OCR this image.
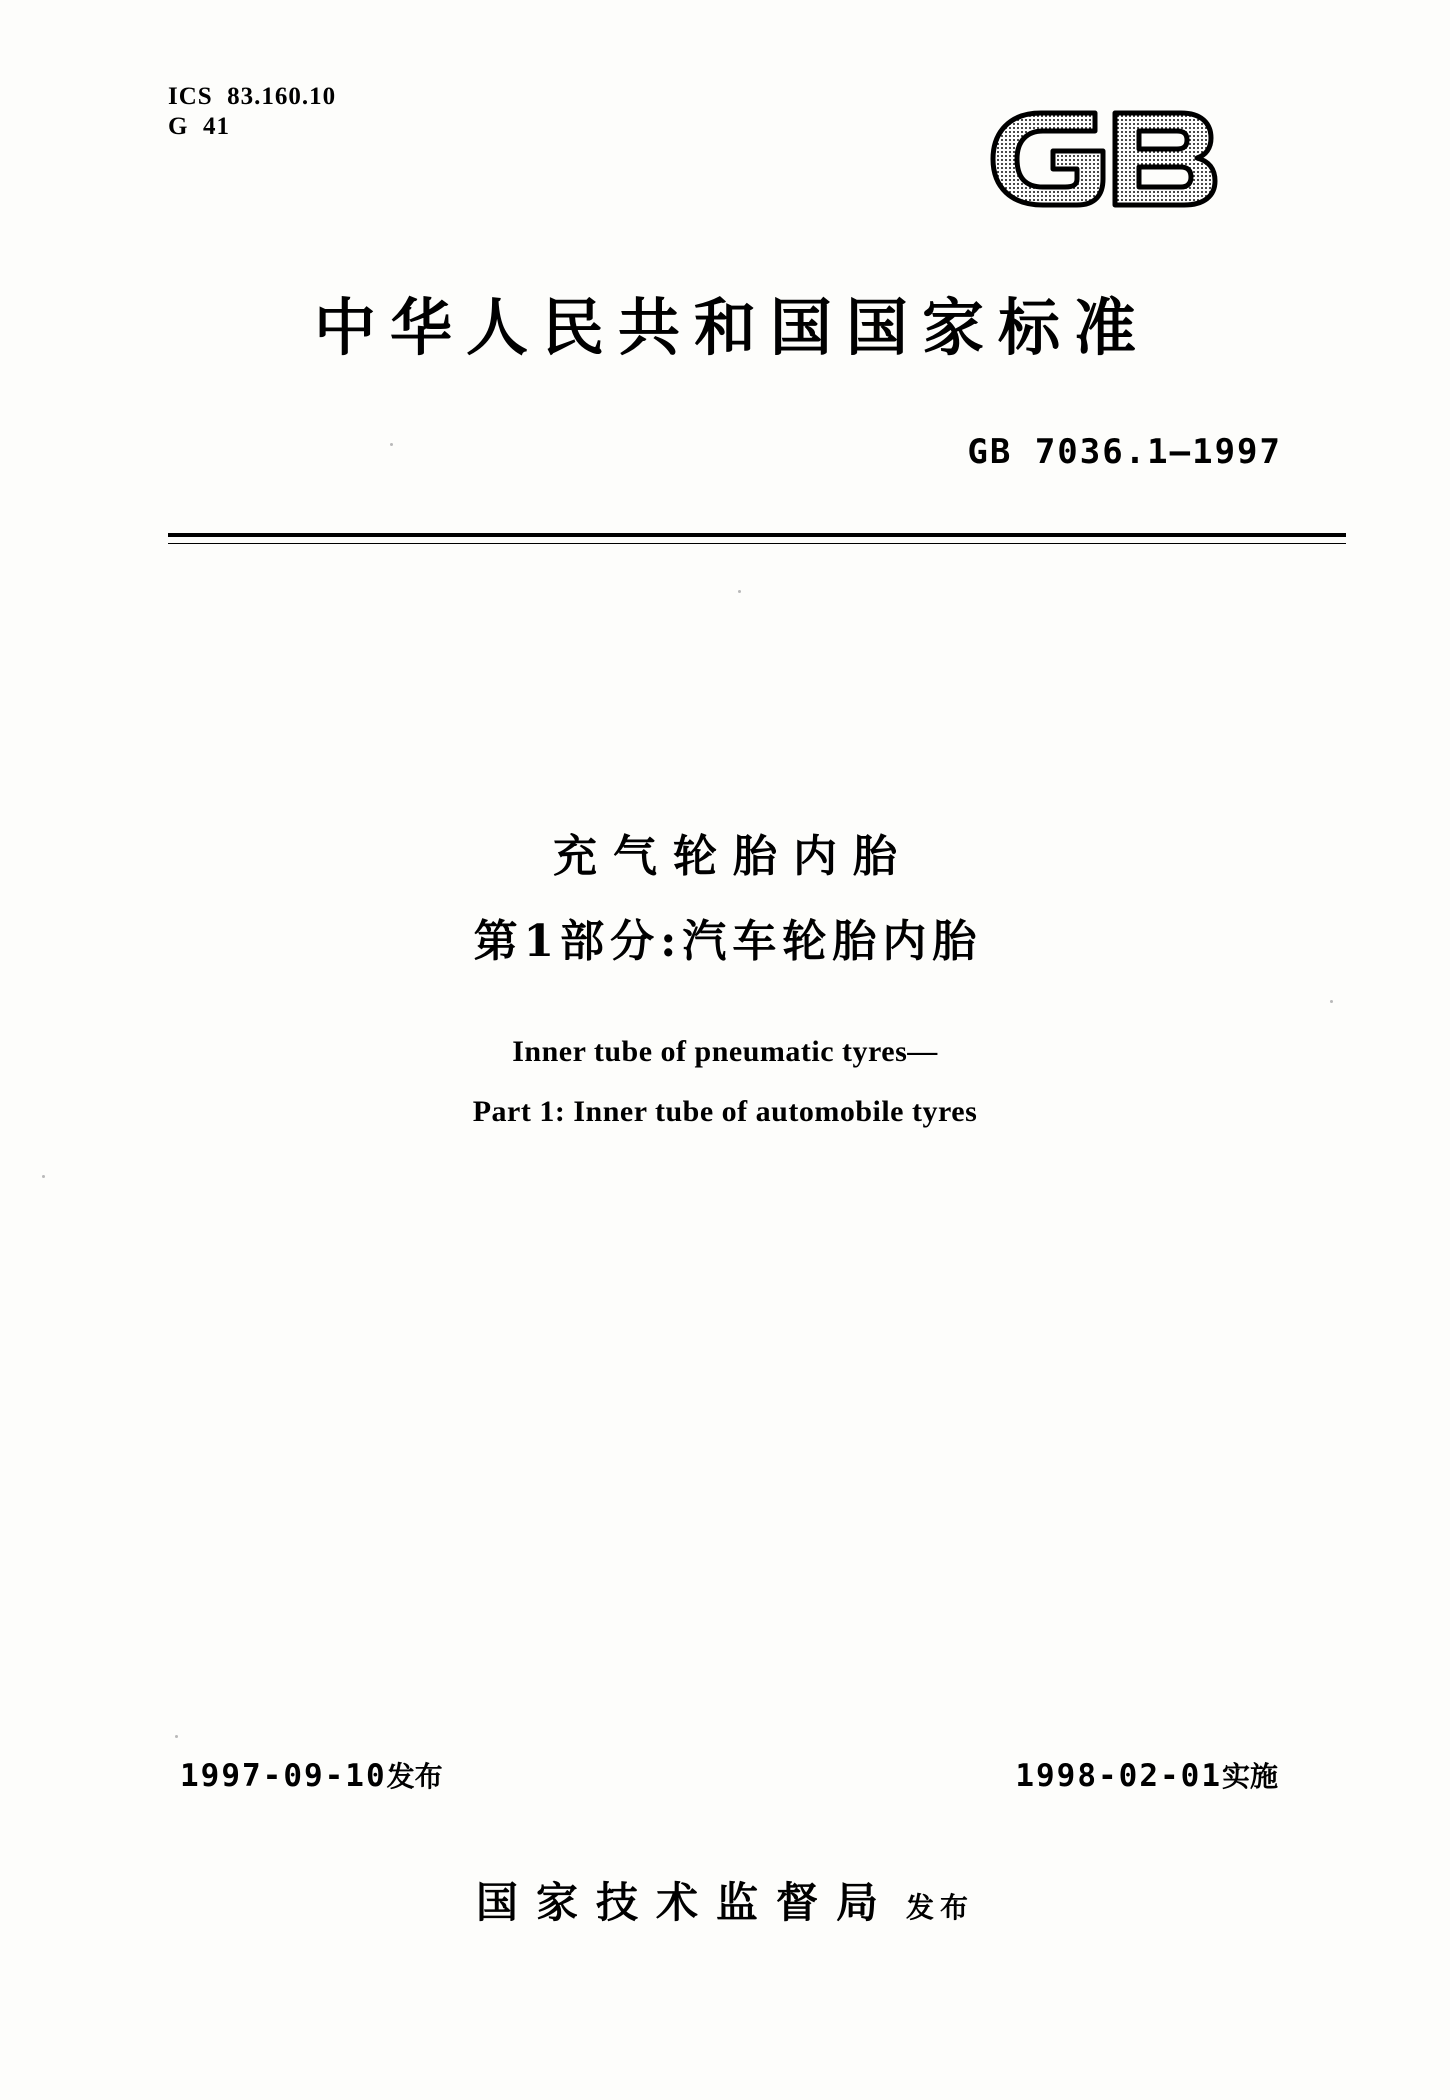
ICS  83.160.10
G  41
中华人民共和国国家标准
GB 7036.1—1997
充气轮胎内胎
第1部分:汽车轮胎内胎
Inner tube of pneumatic tyres—
Part 1: Inner tube of automobile tyres
1997-09-10发布	1998-02-01实施
国家技术监督局 发布
